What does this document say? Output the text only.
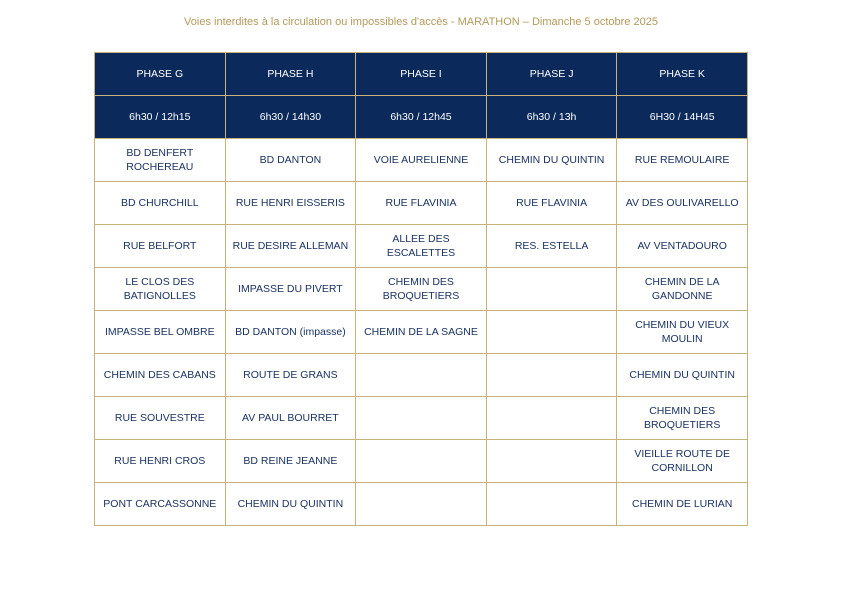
Voies interdites à la circulation ou impossibles d'accès - MARATHON – Dimanche 5 octobre 2025
PHASE G	PHASE H	PHASE I	PHASE J	PHASE K
6h30 / 12h15	6h30 / 14h30	6h30 / 12h45	6h30 / 13h	6H30 / 14H45
BD DENFERT ROCHEREAU	BD DANTON	VOIE AURELIENNE	CHEMIN DU QUINTIN	RUE REMOULAIRE
BD CHURCHILL	RUE HENRI EISSERIS	RUE FLAVINIA	RUE FLAVINIA	AV DES OULIVARELLO
RUE BELFORT	RUE DESIRE ALLEMAN	ALLEE DES ESCALETTES	RES. ESTELLA	AV VENTADOURO
LE CLOS DES BATIGNOLLES	IMPASSE DU PIVERT	CHEMIN DES BROQUETIERS		CHEMIN DE LA GANDONNE
IMPASSE BEL OMBRE	BD DANTON (impasse)	CHEMIN DE LA SAGNE		CHEMIN DU VIEUX MOULIN
CHEMIN DES CABANS	ROUTE DE GRANS			CHEMIN DU QUINTIN
RUE SOUVESTRE	AV PAUL BOURRET			CHEMIN DES BROQUETIERS
RUE HENRI CROS	BD REINE JEANNE			VIEILLE ROUTE DE CORNILLON
PONT CARCASSONNE	CHEMIN DU QUINTIN			CHEMIN DE LURIAN
